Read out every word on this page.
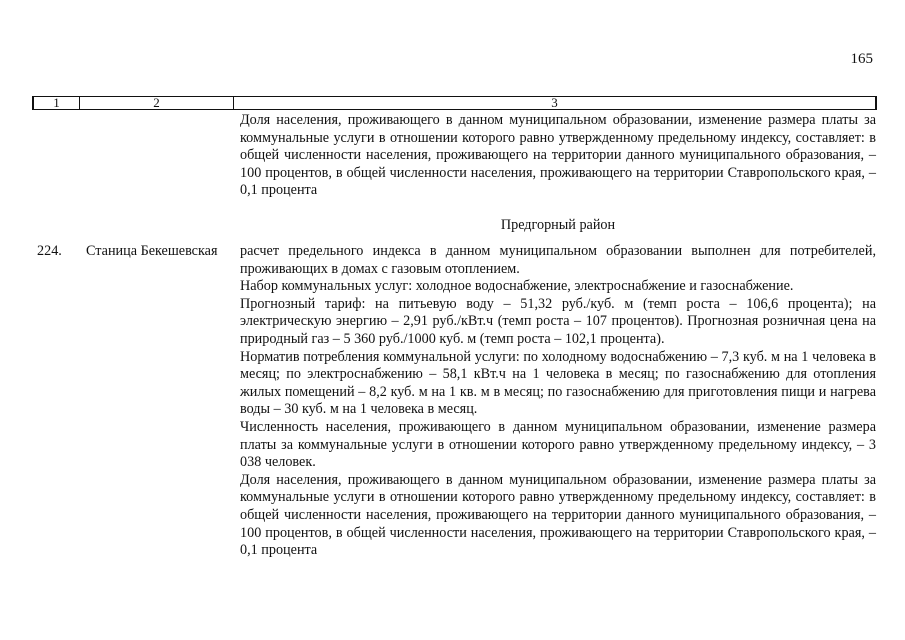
165
1	2	3

Доля населения, проживающего в данном муниципальном образовании, изменение размера платы за коммунальные услуги в отношении которого равно утвержденному предельному индексу, составляет: в общей численности населения, проживающего на территории данного муниципального образования, – 100 процентов, в общей численности населения, проживающего на территории Ставропольского края, – 0,1 процента

Предгорный район
224. Станица Бекешевская	расчет предельного индекса в данном муниципальном образовании выполнен для потребителей, проживающих в домах с газовым отоплением.

Набор коммунальных услуг: холодное водоснабжение, электроснабжение и газоснабжение.

Прогнозный тариф: на питьевую воду – 51,32 руб./куб. м (темп роста – 106,6 процента); на электрическую энергию – 2,91 руб./кВт.ч (темп роста – 107 процентов). Прогнозная розничная цена на природный газ – 5 360 руб./1000 куб. м (темп роста – 102,1 процента).

Норматив потребления коммунальной услуги: по холодному водоснабжению – 7,3 куб. м на 1 человека в месяц; по электроснабжению – 58,1 кВт.ч на 1 человека в месяц; по газоснабжению для отопления жилых помещений – 8,2 куб. м на 1 кв. м в месяц; по газоснабжению для приготовления пищи и нагрева воды – 30 куб. м на 1 человека в месяц.

Численность населения, проживающего в данном муниципальном образовании, изменение размера платы за коммунальные услуги в отношении которого равно утвержденному предельному индексу, – 3 038 человек.

Доля населения, проживающего в данном муниципальном образовании, изменение размера платы за коммунальные услуги в отношении которого равно утвержденному предельному индексу, составляет: в общей численности населения, проживающего на территории данного муниципального образования, – 100 процентов, в общей численности населения, проживающего на территории Ставропольского края, – 0,1 процента
